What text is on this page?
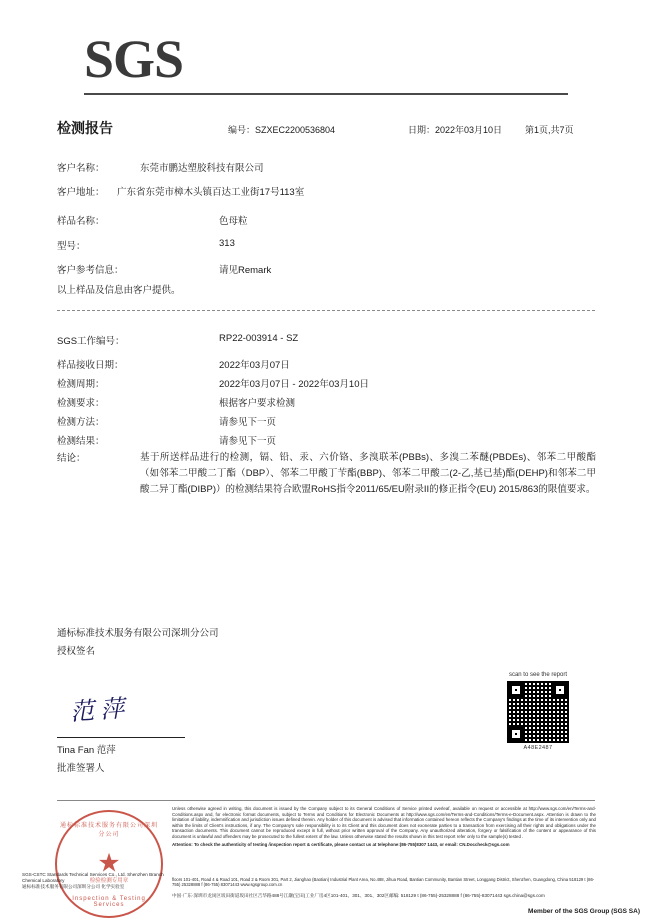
SGS
检测报告	编号：SZXEC2200536804	日期：2022年03月10日	第1页,共7页
客户名称：	东莞市鹏达塑胶科技有限公司
客户地址： 广东省东莞市樟木头镇百达工业街17号113室
样品名称：	色母粒
型号：	313
客户参考信息：	请见Remark
以上样品及信息由客户提供。
SGS工作编号：	RP22-003914 - SZ
样品接收日期：	2022年03月07日
检测周期：	2022年03月07日 - 2022年03月10日
检测要求：	根据客户要求检测
检测方法：	请参见下一页
检测结果：	请参见下一页
结论：	基于所送样品进行的检测，镉、铅、汞、六价铬、多溴联苯(PBBs)、多溴二苯醚(PBDEs)、邻苯二甲酸酯（如邻苯二甲酸二丁酯（DBP）、邻苯二甲酸丁苄酯(BBP)、邻苯二甲酸二(2-乙,基已基)酯(DEHP)和邻苯二甲酸二异丁酯(DIBP)）的检测结果符合欧盟RoHS指令2011/65/EU附录II的修正指令(EU) 2015/863的限值要求。
通标标准技术服务有限公司深圳分公司
授权签名
范萍
Tina Fan 范萍
批准签署人
scan to see the report
A48E2487
Unless otherwise agreed in writing, this document is issued by the Company subject to its General Conditions of Service printed overleaf, available on request or accessible at http://www.sgs.com/en/Terms-and-Conditions.aspx and, for electronic format documents, subject to Terms and Conditions for Electronic Documents at http://www.sgs.com/en/Terms-and-Conditions/Terms-e-Document.aspx. Attention is drawn to the limitation of liability, indemnification and jurisdiction issues defined therein. Any holder of this document is advised that information contained hereon reflects the Company's findings at the time of its intervention only and within the limits of Client's instructions, if any. The Company's sole responsibility is to its Client and this document does not exonerate parties to a transaction from exercising all their rights and obligations under the transaction documents. This document cannot be reproduced except in full, without prior written approval of the Company. Any unauthorized alteration, forgery or falsification of the content or appearance of this document is unlawful and offenders may be prosecuted to the fullest extent of the law. Unless otherwise stated the results shown in this test report refer only to the sample(s) tested .
Attention: To check the authenticity of testing /inspection report & certificate, please contact us at telephone:(86-755)8307 1443, or email: CN.Doccheck@sgs.com
floors 101-401, Road 4 & Road 101, Road 2 & Room 301, Part 2, Jianghao (Baotian) Industrial Plant Area, No.488, Jihua Road, Bantian Community, Bantian Street, Longgang District, Shenzhen, Guangdong, China 518129 t (86-755) 25328888 f (86-755) 83071443 www.sgsgroup.com.cn
中国·广东·深圳市龙岗区坂田街道坂田社区吉华路488号江灏(宝田)工业厂房4区101-401、301、301、302区邮编: 518129 t (86-755)-25328888 f (86-755)-83071443 sgs.china@sgs.com
Member of the SGS Group (SGS SA)
通标标准技术服务有限公司深圳分公司
★
检验检测专用章
Inspection & Testing Services
SGS-CSTC Standards Technical Services Co., Ltd. Shenzhen Branch Chemical Laboratory
通标标准技术服务有限公司深圳分公司 化学实验室
